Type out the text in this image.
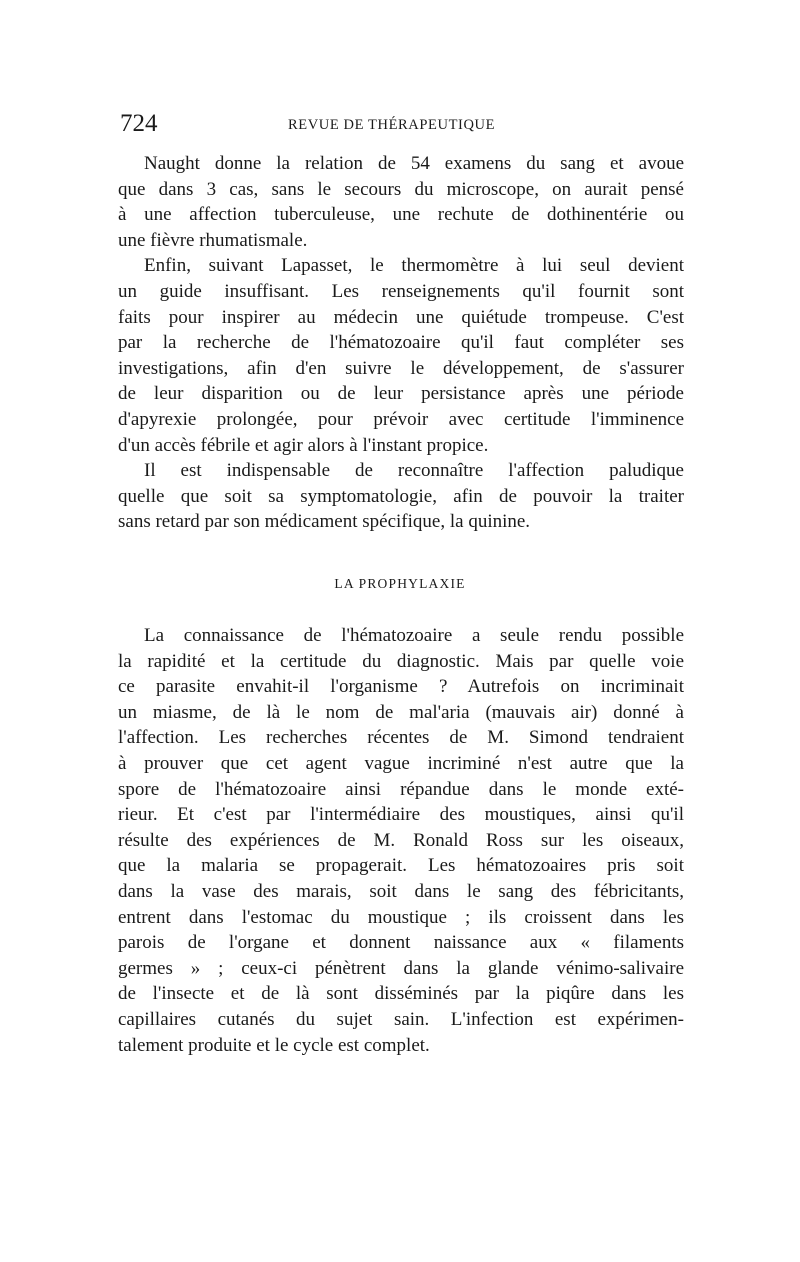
724	REVUE DE THÉRAPEUTIQUE
Naught donne la relation de 54 examens du sang et avoue
que dans 3 cas, sans le secours du microscope, on aurait pensé
à une affection tuberculeuse, une rechute de dothinentérie ou
une fièvre rhumatismale.
Enfin, suivant Lapasset, le thermomètre à lui seul devient
un guide insuffisant. Les renseignements qu'il fournit sont
faits pour inspirer au médecin une quiétude trompeuse. C'est
par la recherche de l'hématozoaire qu'il faut compléter ses
investigations, afin d'en suivre le développement, de s'assurer
de leur disparition ou de leur persistance après une période
d'apyrexie prolongée, pour prévoir avec certitude l'imminence
d'un accès fébrile et agir alors à l'instant propice.
Il est indispensable de reconnaître l'affection paludique
quelle que soit sa symptomatologie, afin de pouvoir la traiter
sans retard par son médicament spécifique, la quinine.
LA PROPHYLAXIE
La connaissance de l'hématozoaire a seule rendu possible
la rapidité et la certitude du diagnostic. Mais par quelle voie
ce parasite envahit-il l'organisme ? Autrefois on incriminait
un miasme, de là le nom de mal'aria (mauvais air) donné à
l'affection. Les recherches récentes de M. Simond tendraient
à prouver que cet agent vague incriminé n'est autre que la
spore de l'hématozoaire ainsi répandue dans le monde exté-
rieur. Et c'est par l'intermédiaire des moustiques, ainsi qu'il
résulte des expériences de M. Ronald Ross sur les oiseaux,
que la malaria se propagerait. Les hématozoaires pris soit
dans la vase des marais, soit dans le sang des fébricitants,
entrent dans l'estomac du moustique ; ils croissent dans les
parois de l'organe et donnent naissance aux « filaments
germes » ; ceux-ci pénètrent dans la glande vénimo-salivaire
de l'insecte et de là sont disséminés par la piqûre dans les
capillaires cutanés du sujet sain. L'infection est expérimen-
talement produite et le cycle est complet.
